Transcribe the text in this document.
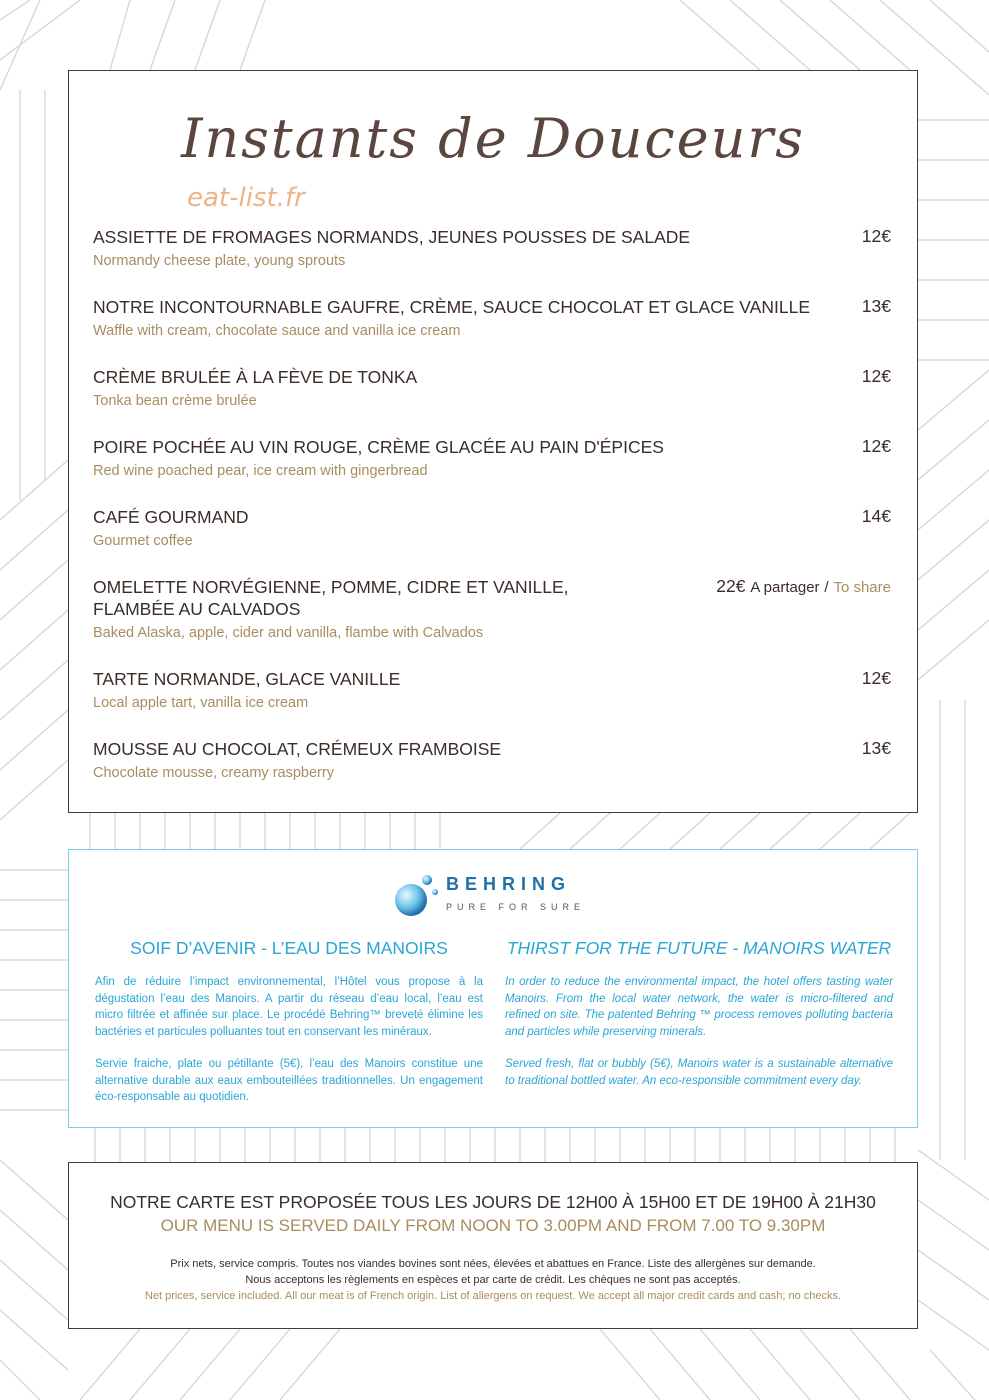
Instants de Douceurs
eat-list.fr
ASSIETTE DE FROMAGES NORMANDS, JEUNES POUSSES DE SALADE
Normandy cheese plate, young sprouts
12€
NOTRE INCONTOURNABLE GAUFRE, CRÈME, SAUCE CHOCOLAT ET GLACE VANILLE
Waffle with cream, chocolate sauce and vanilla ice cream
13€
CRÈME BRULÉE À LA FÈVE DE TONKA
Tonka bean crème brulée
12€
POIRE POCHÉE AU VIN ROUGE, CRÈME GLACÉE AU PAIN D'ÉPICES
Red wine poached pear, ice cream with gingerbread
12€
CAFÉ GOURMAND
Gourmet coffee
14€
OMELETTE NORVÉGIENNE, POMME, CIDRE ET VANILLE,
FLAMBÉE AU CALVADOS
Baked Alaska, apple, cider and vanilla, flambe with Calvados
22€ A partager / To share
TARTE NORMANDE, GLACE VANILLE
Local apple tart, vanilla ice cream
12€
MOUSSE AU CHOCOLAT, CRÉMEUX FRAMBOISE
Chocolate mousse, creamy raspberry
13€
BEHRING
PURE FOR SURE
SOIF D’AVENIR - L’EAU DES MANOIRS

Afin de réduire l’impact environnemental, l’Hôtel vous propose à la dégustation l’eau des Manoirs. A partir du réseau d’eau local, l’eau est micro filtrée et affinée sur place. Le procédé Behring™ breveté élimine les bactéries et particules polluantes tout en conservant les minéraux.

Servie fraiche, plate ou pétillante (5€), l’eau des Manoirs constitue une alternative durable aux eaux embouteillées traditionnelles. Un engagement éco-responsable au quotidien.

THIRST FOR THE FUTURE - MANOIRS WATER

In order to reduce the environmental impact, the hotel offers tasting water Manoirs. From the local water network, the water is micro-filtered and refined on site. The patented Behring ™ process removes polluting bacteria and particles while preserving minerals.

Served fresh, flat or bubbly (5€), Manoirs water is a sustainable alternative to traditional bottled water. An eco-responsible commitment every day.

NOTRE CARTE EST PROPOSÉE TOUS LES JOURS DE 12H00 À 15H00 ET DE 19H00 À 21H30
OUR MENU IS SERVED DAILY FROM NOON TO 3.00PM AND FROM 7.00 TO 9.30PM
Prix nets, service compris. Toutes nos viandes bovines sont nées, élevées et abattues en France. Liste des allergènes sur demande.
Nous acceptons les règlements en espèces et par carte de crédit. Les chèques ne sont pas acceptés.
Net prices, service included. All our meat is of French origin. List of allergens on request. We accept all major credit cards and cash; no checks.
